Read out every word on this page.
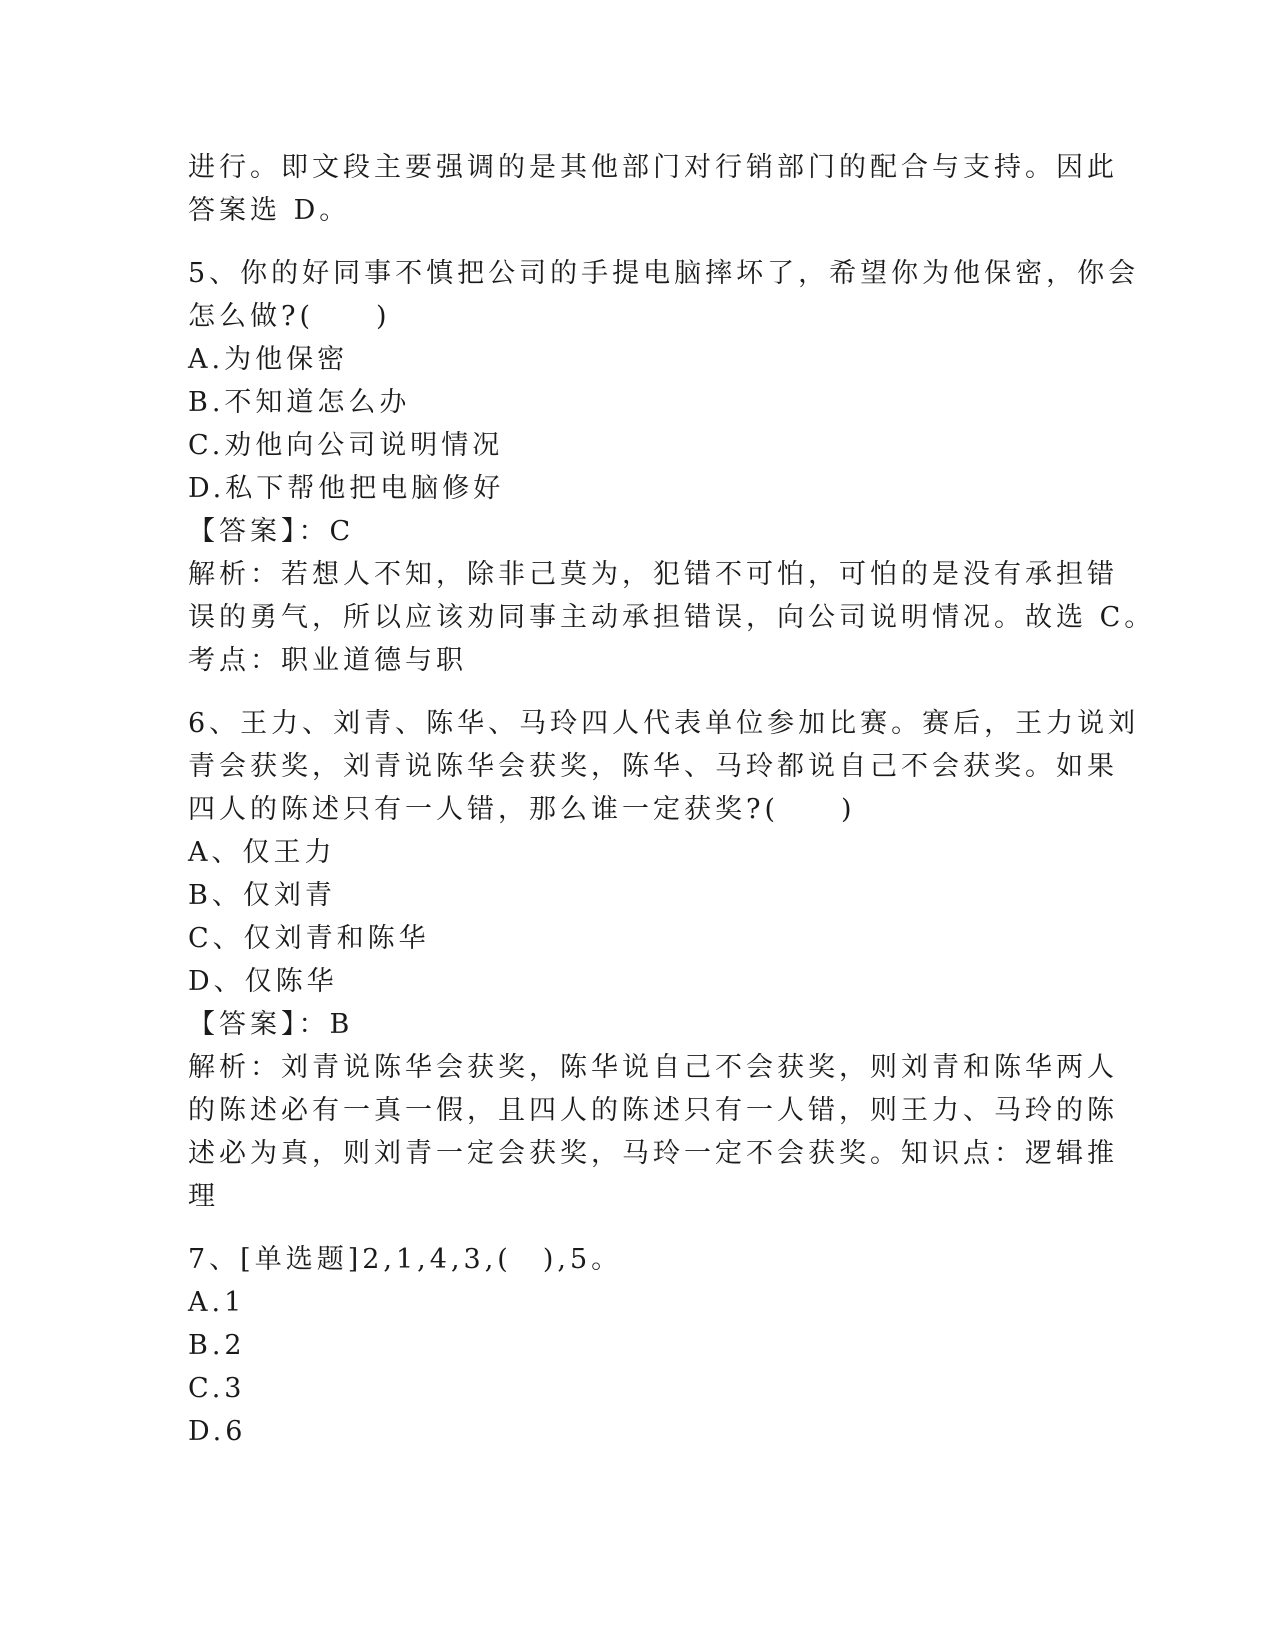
进行。即文段主要强调的是其他部门对行销部门的配合与支持。因此
答案选 D。
5、你的好同事不慎把公司的手提电脑摔坏了，希望你为他保密，你会
怎么做?(　　)
A.为他保密
B.不知道怎么办
C.劝他向公司说明情况
D.私下帮他把电脑修好
【答案】：C
解析：若想人不知，除非己莫为，犯错不可怕，可怕的是没有承担错
误的勇气，所以应该劝同事主动承担错误，向公司说明情况。故选 C。
考点：职业道德与职
6、王力、刘青、陈华、马玲四人代表单位参加比赛。赛后，王力说刘
青会获奖，刘青说陈华会获奖，陈华、马玲都说自己不会获奖。如果
四人的陈述只有一人错，那么谁一定获奖?(　　)
A、仅王力
B、仅刘青
C、仅刘青和陈华
D、仅陈华
【答案】：B
解析：刘青说陈华会获奖，陈华说自己不会获奖，则刘青和陈华两人
的陈述必有一真一假，且四人的陈述只有一人错，则王力、马玲的陈
述必为真，则刘青一定会获奖，马玲一定不会获奖。知识点：逻辑推
理
7、[单选题]2,1,4,3,(　),5。
A.1
B.2
C.3
D.6
